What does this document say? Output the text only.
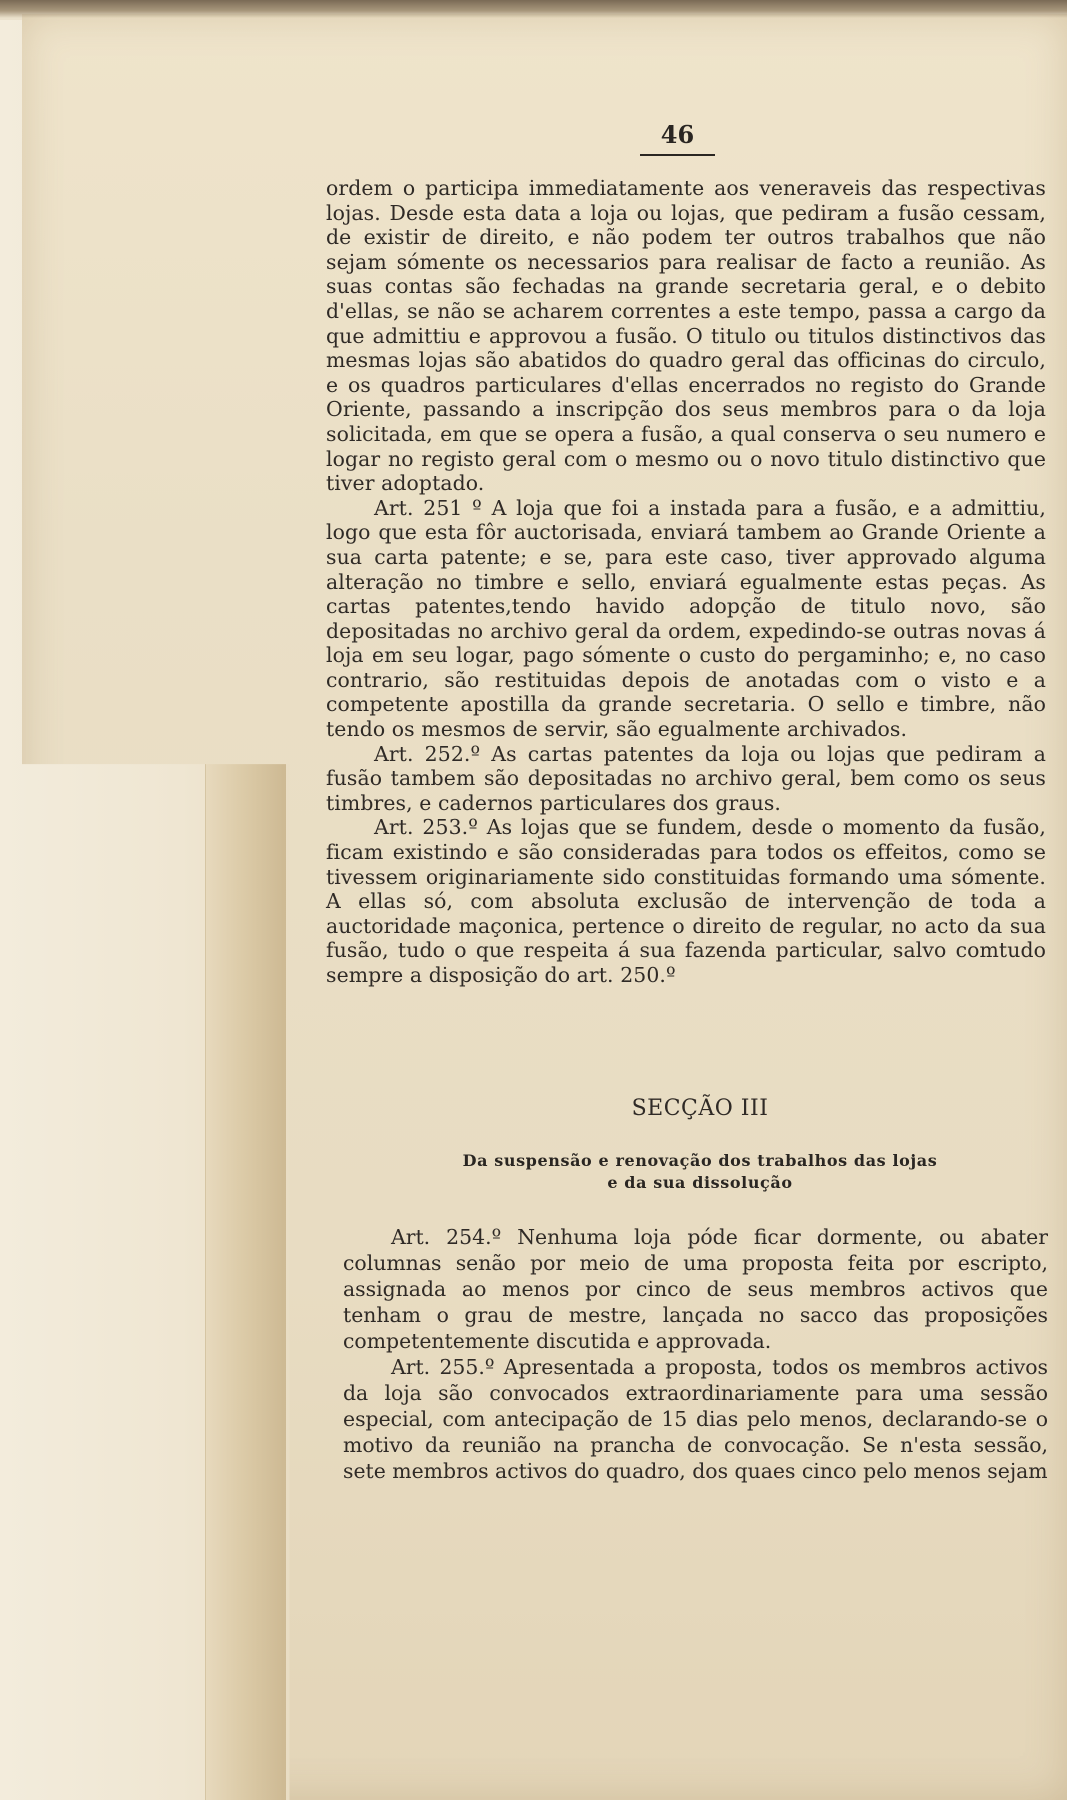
46

ordem o participa immediatamente aos veneraveis das respectivas lojas. Desde esta data a loja ou lojas, que pediram a fusão cessam, de existir de direito, e não podem ter outros trabalhos que não sejam sómente os necessarios para realisar de facto a reunião. As suas contas são fechadas na grande secretaria geral, e o debito d'ellas, se não se acharem correntes a este tempo, passa a cargo da que admittiu e approvou a fusão. O titulo ou titulos distinctivos das mesmas lojas são abatidos do quadro geral das officinas do circulo, e os quadros particulares d'ellas encerrados no registo do Grande Oriente, passando a inscripção dos seus membros para o da loja solicitada, em que se opera a fusão, a qual conserva o seu numero e logar no registo geral com o mesmo ou o novo titulo distinctivo que tiver adoptado.

Art. 251 º A loja que foi a instada para a fusão, e a admittiu, logo que esta fôr auctorisada, enviará tambem ao Grande Oriente a sua carta patente; e se, para este caso, tiver approvado alguma alteração no timbre e sello, enviará egualmente estas peças. As cartas patentes,tendo havido adopção de titulo novo, são depositadas no archivo geral da ordem, expedindo-se outras novas á loja em seu logar, pago sómente o custo do pergaminho; e, no caso contrario, são restituidas depois de anotadas com o visto e a competente apostilla da grande secretaria. O sello e timbre, não tendo os mesmos de servir, são egualmente archivados.

Art. 252.º As cartas patentes da loja ou lojas que pediram a fusão tambem são depositadas no archivo geral, bem como os seus timbres, e cadernos particulares dos graus.

Art. 253.º As lojas que se fundem, desde o momento da fusão, ficam existindo e são consideradas para todos os effeitos, como se tivessem originariamente sido constituidas formando uma sómente. A ellas só, com absoluta exclusão de intervenção de toda a auctoridade maçonica, pertence o direito de regular, no acto da sua fusão, tudo o que respeita á sua fazenda particular, salvo comtudo sempre a disposição do art. 250.º

SECÇÃO III
Da suspensão e renovação dos trabalhos das lojas
e da sua dissolução

Art. 254.º Nenhuma loja póde ficar dormente, ou abater columnas senão por meio de uma proposta feita por escripto, assignada ao menos por cinco de seus membros activos que tenham o grau de mestre, lançada no sacco das proposições competentemente discutida e approvada.

Art. 255.º Apresentada a proposta, todos os membros activos da loja são convocados extraordinariamente para uma sessão especial, com antecipação de 15 dias pelo menos, declarando-se o motivo da reunião na prancha de convocação. Se n'esta sessão, sete membros activos do quadro, dos quaes cinco pelo menos sejam
